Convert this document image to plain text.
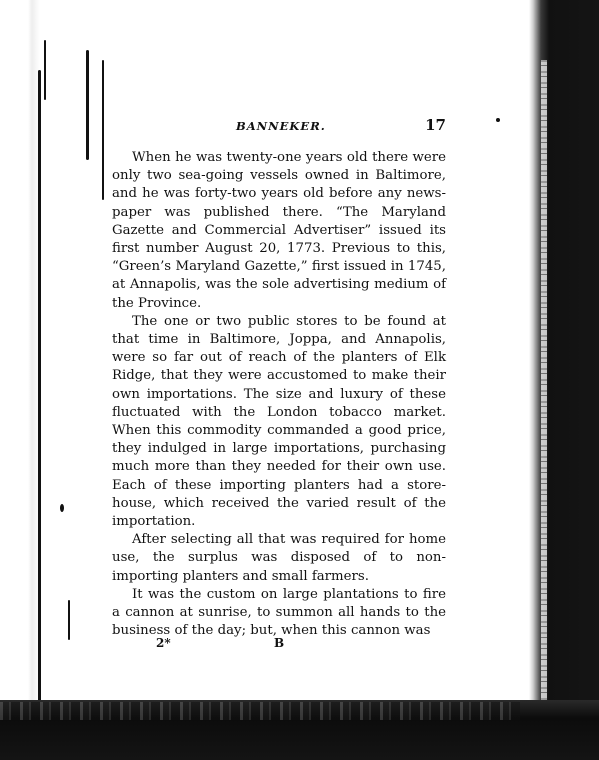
BANNEKER.	17

When he was twenty-one years old there were only two sea-going vessels owned in Baltimore, and he was forty-two years old before any news-paper was published there. “The Maryland Gazette and Commercial Advertiser” issued its first number August 20, 1773. Previous to this, “Green’s Maryland Gazette,” first issued in 1745, at Annapolis, was the sole advertising medium of the Province.

The one or two public stores to be found at that time in Baltimore, Joppa, and Annapolis, were so far out of reach of the planters of Elk Ridge, that they were accustomed to make their own importations. The size and luxury of these fluctuated with the London tobacco market. When this commodity commanded a good price, they indulged in large importations, purchasing much more than they needed for their own use. Each of these importing planters had a store-house, which received the varied result of the importation.

After selecting all that was required for home use, the surplus was disposed of to non-importing planters and small farmers.

It was the custom on large plantations to fire a cannon at sunrise, to summon all hands to the business of the day; but, when this cannon was

2*	B
